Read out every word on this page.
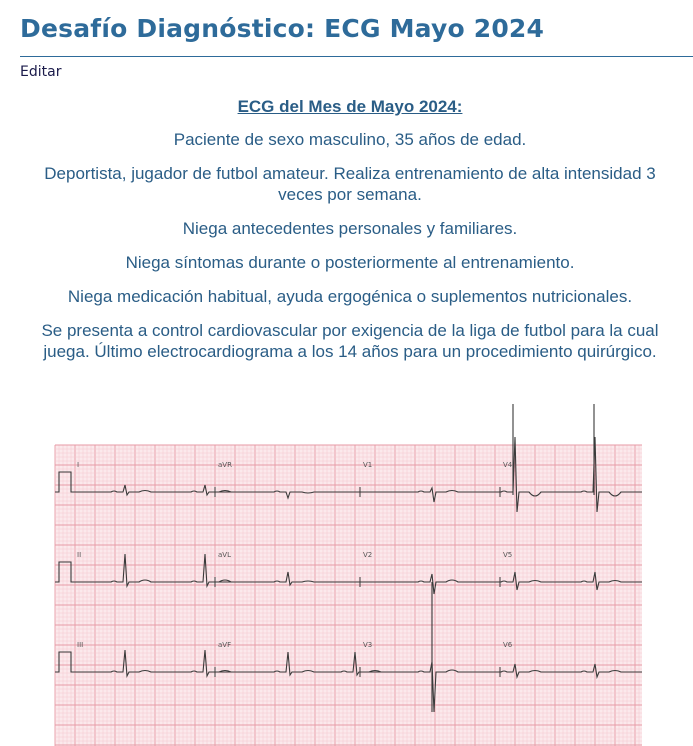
Desafío Diagnóstico: ECG Mayo 2024
Editar

ECG del Mes de Mayo 2024:

Paciente de sexo masculino, 35 años de edad.

Deportista, jugador de futbol amateur. Realiza entrenamiento de alta intensidad 3 veces por semana.

Niega antecedentes personales y familiares.

Niega síntomas durante o posteriormente al entrenamiento.

Niega medicación habitual, ayuda ergogénica o suplementos nutricionales.

Se presenta a control cardiovascular por exigencia de la liga de futbol para la cual juega. Último electrocardiograma a los 14 años para un procedimiento quirúrgico.

I	aVR	V1	V4
II	aVL	V2	V5
III	aVF	V3	V6
